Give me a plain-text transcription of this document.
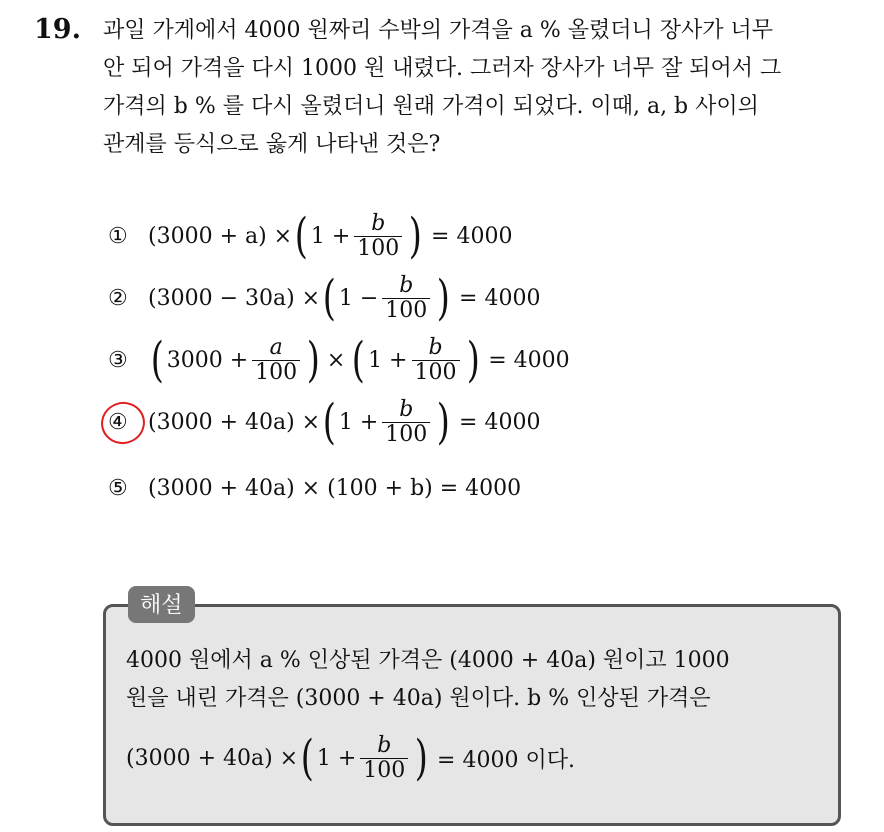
19. 과일 가게에서 4000 원짜리 수박의 가격을 a % 올렸더니 장사가 너무
안 되어 가격을 다시 1000 원 내렸다. 그러자 장사가 너무 잘 되어서 그
가격의 b % 를 다시 올렸더니 원래 가격이 되었다. 이때, a, b 사이의
관계를 등식으로 옳게 나타낸 것은?
① (3000 + a) × ( $1 + \frac{b}{100}$ ) = 4000
② (3000 − 30a) × ( $1 - \frac{b}{100}$ ) = 4000
③ ( $3000 + \frac{a}{100}$ ) × ( $1 + \frac{b}{100}$ ) = 4000
④ (3000 + 40a) × ( $1 + \frac{b}{100}$ ) = 4000
⑤ (3000 + 40a) × (100 + b) = 4000
해설
4000 원에서 a % 인상된 가격은 (4000 + 40a) 원이고 1000
원을 내린 가격은 (3000 + 40a) 원이다. b % 인상된 가격은
(3000 + 40a) × ( $1 + \frac{b}{100}$ ) = 4000 이다.
